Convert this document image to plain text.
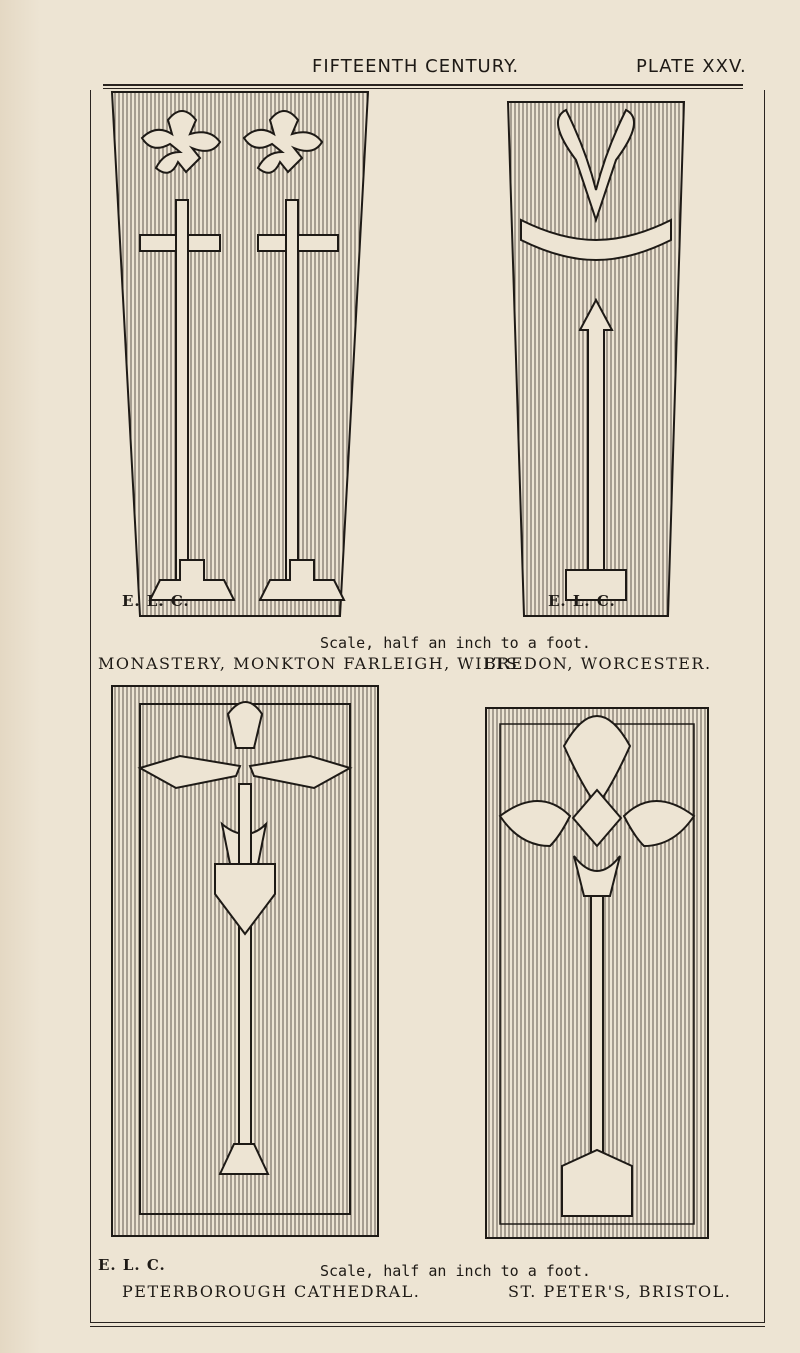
FIFTEENTH CENTURY.	PLATE XXV.
E. L. C.	E. L. C.
Scale, half an inch to a foot.
MONASTERY, MONKTON FARLEIGH, WILTS
BREDON, WORCESTER.
E. L. C.	Scale, half an inch to a foot.
PETERBOROUGH CATHEDRAL.	ST. PETER'S, BRISTOL.
